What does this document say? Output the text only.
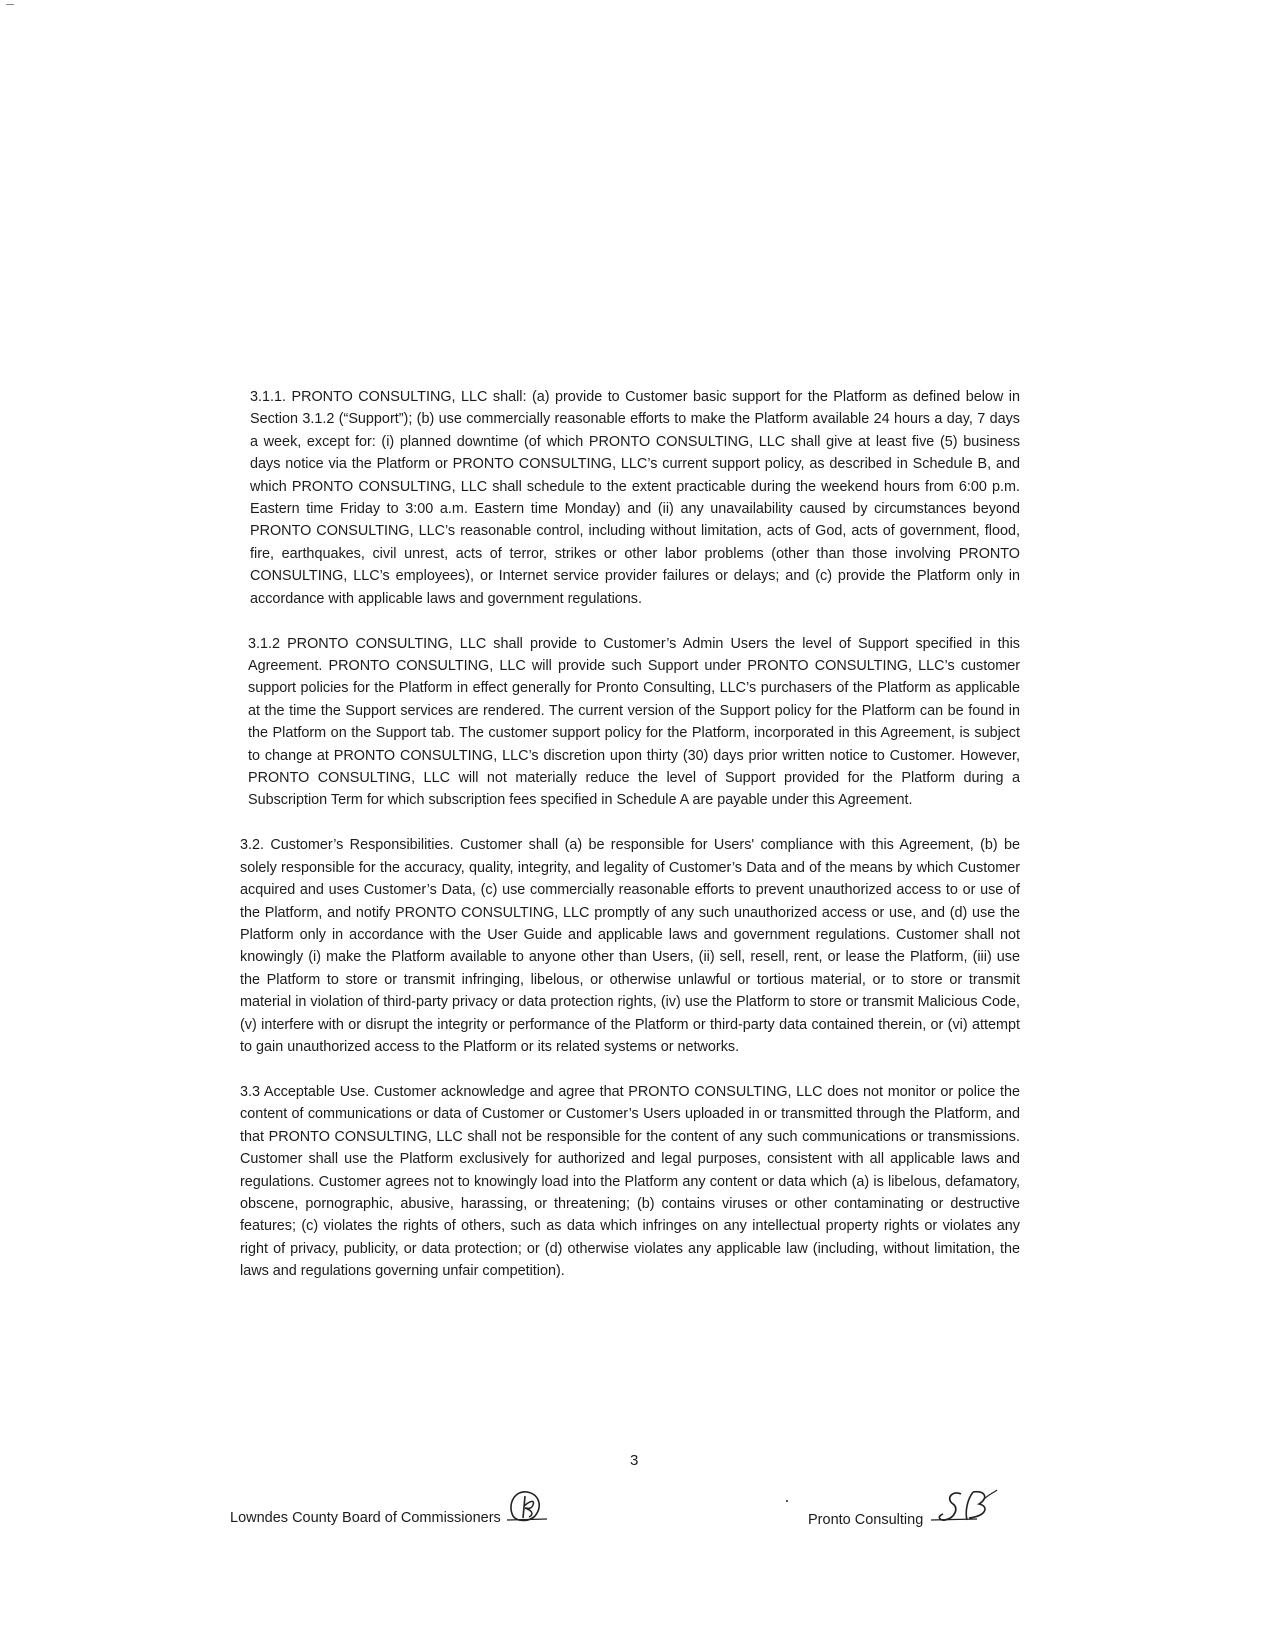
3.1.1. PRONTO CONSULTING, LLC shall: (a) provide to Customer basic support for the Platform as defined below in Section 3.1.2 (“Support”); (b) use commercially reasonable efforts to make the Platform available 24 hours a day, 7 days a week, except for: (i) planned downtime (of which PRONTO CONSULTING, LLC shall give at least five (5) business days notice via the Platform or PRONTO CONSULTING, LLC’s current support policy, as described in Schedule B, and which PRONTO CONSULTING, LLC shall schedule to the extent practicable during the weekend hours from 6:00 p.m. Eastern time Friday to 3:00 a.m. Eastern time Monday) and (ii) any unavailability caused by circumstances beyond PRONTO CONSULTING, LLC’s reasonable control, including without limitation, acts of God, acts of government, flood, fire, earthquakes, civil unrest, acts of terror, strikes or other labor problems (other than those involving PRONTO CONSULTING, LLC’s employees), or Internet service provider failures or delays; and (c) provide the Platform only in accordance with applicable laws and government regulations.

3.1.2 PRONTO CONSULTING, LLC shall provide to Customer’s Admin Users the level of Support specified in this Agreement. PRONTO CONSULTING, LLC will provide such Support under PRONTO CONSULTING, LLC’s customer support policies for the Platform in effect generally for Pronto Consulting, LLC’s purchasers of the Platform as applicable at the time the Support services are rendered. The current version of the Support policy for the Platform can be found in the Platform on the Support tab. The customer support policy for the Platform, incorporated in this Agreement, is subject to change at PRONTO CONSULTING, LLC’s discretion upon thirty (30) days prior written notice to Customer. However, PRONTO CONSULTING, LLC will not materially reduce the level of Support provided for the Platform during a Subscription Term for which subscription fees specified in Schedule A are payable under this Agreement.

3.2. Customer’s Responsibilities. Customer shall (a) be responsible for Users' compliance with this Agreement, (b) be solely responsible for the accuracy, quality, integrity, and legality of Customer’s Data and of the means by which Customer acquired and uses Customer’s Data, (c) use commercially reasonable efforts to prevent unauthorized access to or use of the Platform, and notify PRONTO CONSULTING, LLC promptly of any such unauthorized access or use, and (d) use the Platform only in accordance with the User Guide and applicable laws and government regulations. Customer shall not knowingly (i) make the Platform available to anyone other than Users, (ii) sell, resell, rent, or lease the Platform, (iii) use the Platform to store or transmit infringing, libelous, or otherwise unlawful or tortious material, or to store or transmit material in violation of third-party privacy or data protection rights, (iv) use the Platform to store or transmit Malicious Code, (v) interfere with or disrupt the integrity or performance of the Platform or third-party data contained therein, or (vi) attempt to gain unauthorized access to the Platform or its related systems or networks.

3.3 Acceptable Use. Customer acknowledge and agree that PRONTO CONSULTING, LLC does not monitor or police the content of communications or data of Customer or Customer’s Users uploaded in or transmitted through the Platform, and that PRONTO CONSULTING, LLC shall not be responsible for the content of any such communications or transmissions. Customer shall use the Platform exclusively for authorized and legal purposes, consistent with all applicable laws and regulations. Customer agrees not to knowingly load into the Platform any content or data which (a) is libelous, defamatory, obscene, pornographic, abusive, harassing, or threatening; (b) contains viruses or other contaminating or destructive features; (c) violates the rights of others, such as data which infringes on any intellectual property rights or violates any right of privacy, publicity, or data protection; or (d) otherwise violates any applicable law (including, without limitation, the laws and regulations governing unfair competition).

3
Lowndes County Board of Commissioners	Pronto Consulting
